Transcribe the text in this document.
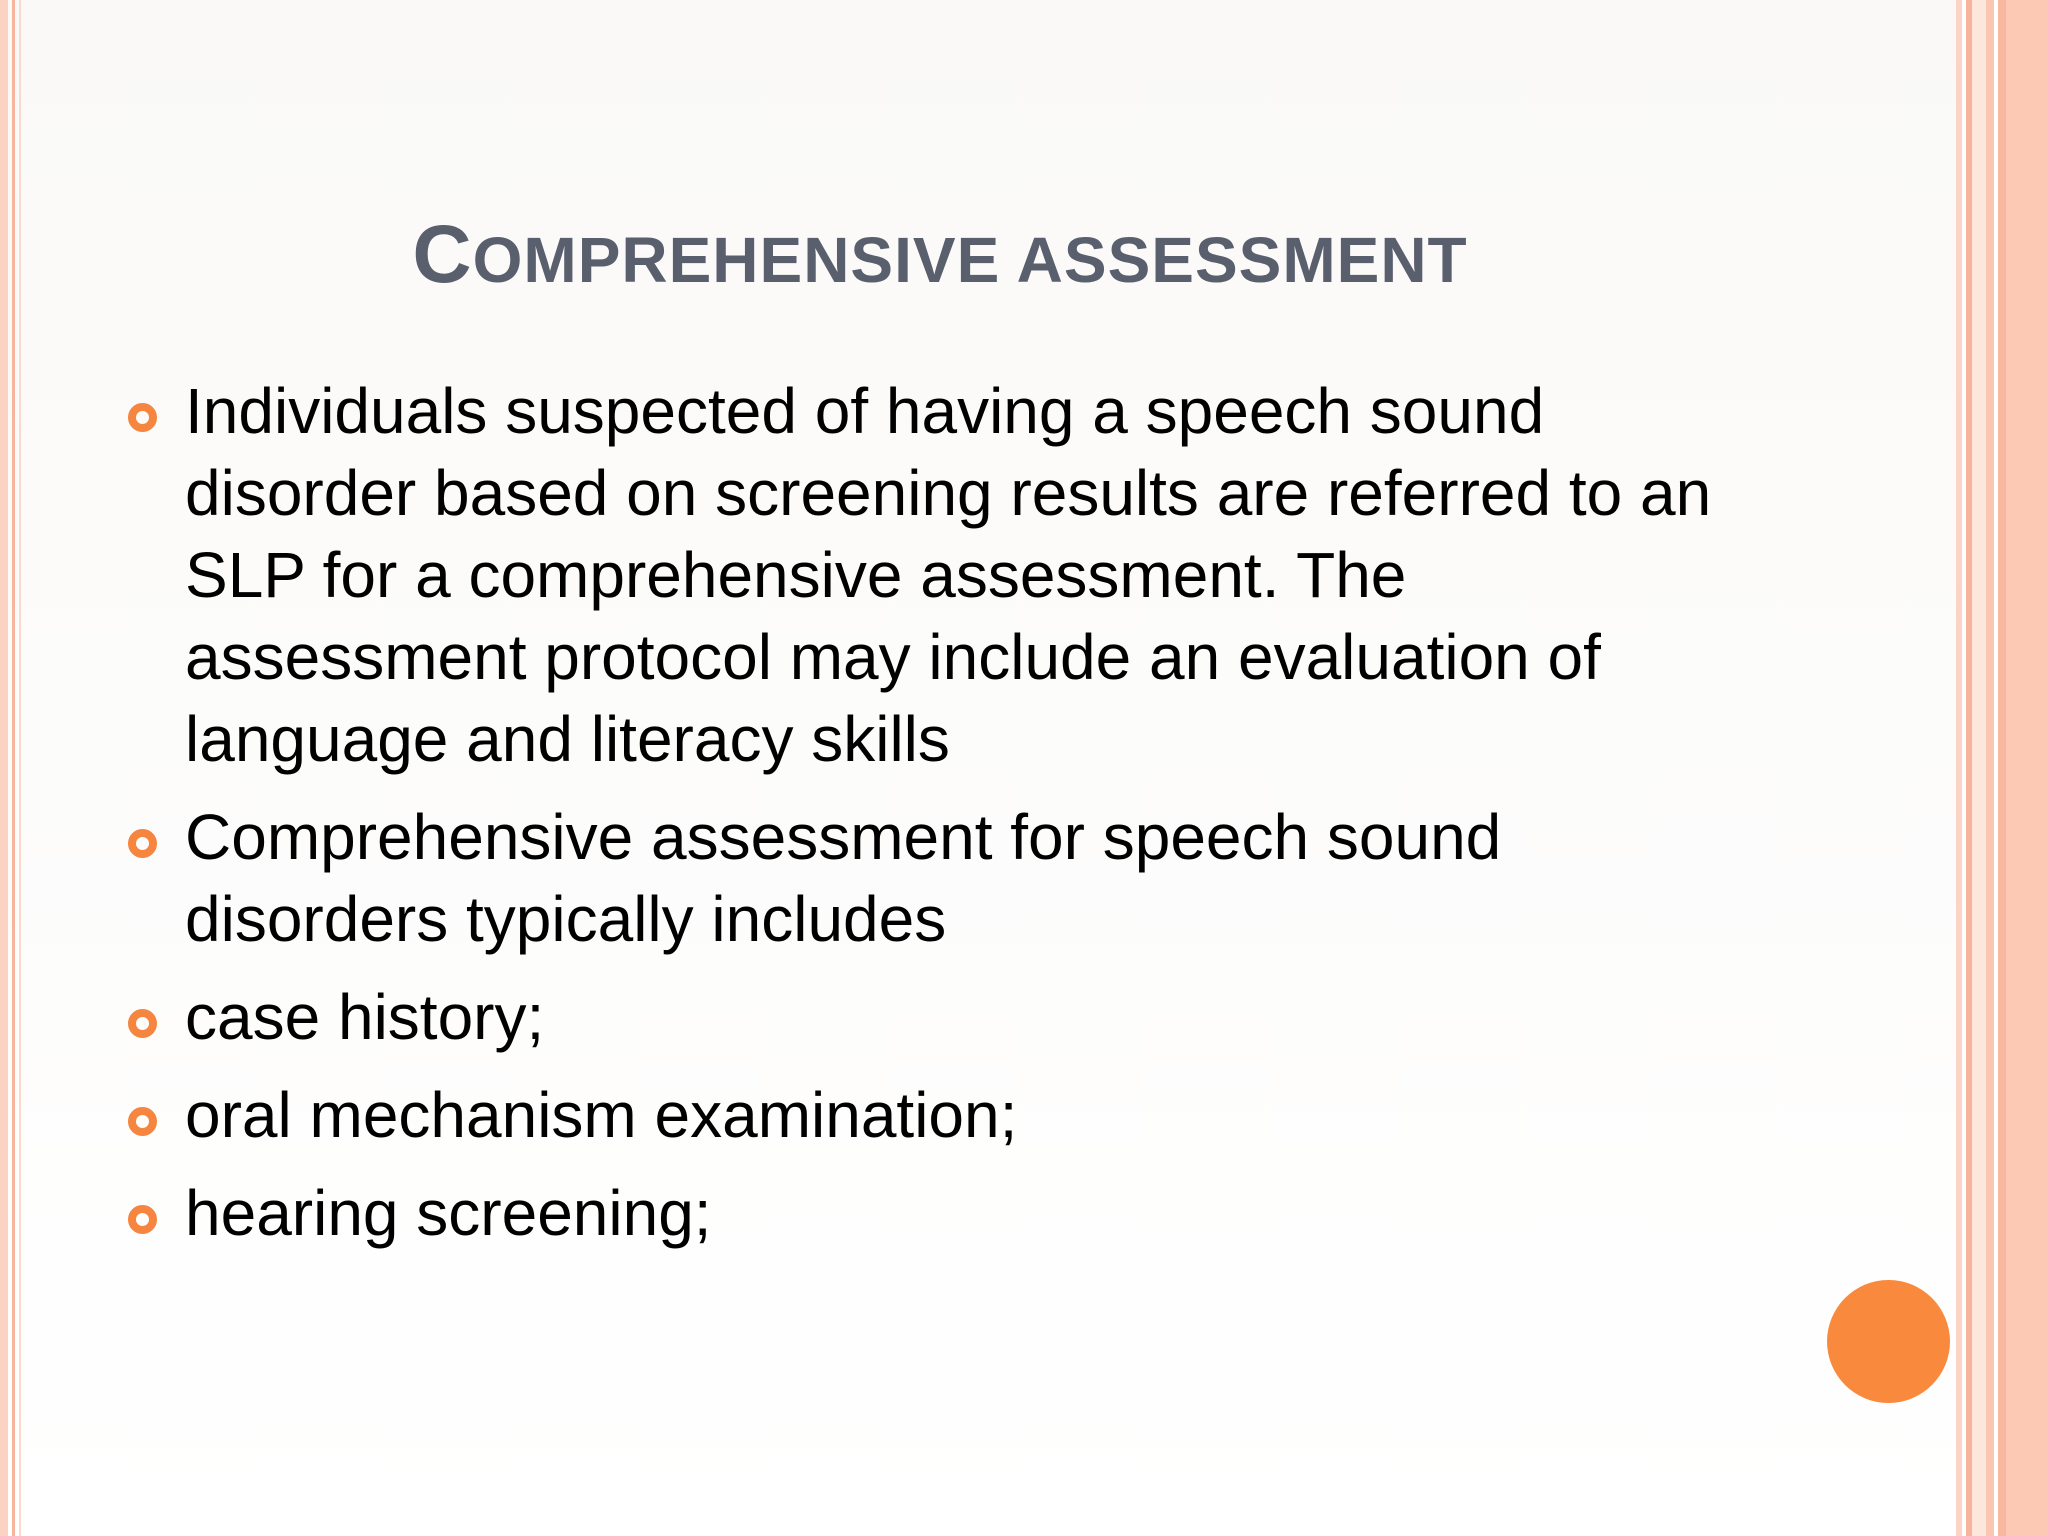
COMPREHENSIVE ASSESSMENT
Individuals suspected of having a speech sound disorder based on screening results are referred to an SLP for a comprehensive assessment. The assessment protocol may include an evaluation of language and literacy skills
Comprehensive assessment for speech sound disorders typically includes
case history;
oral mechanism examination;
hearing screening;
